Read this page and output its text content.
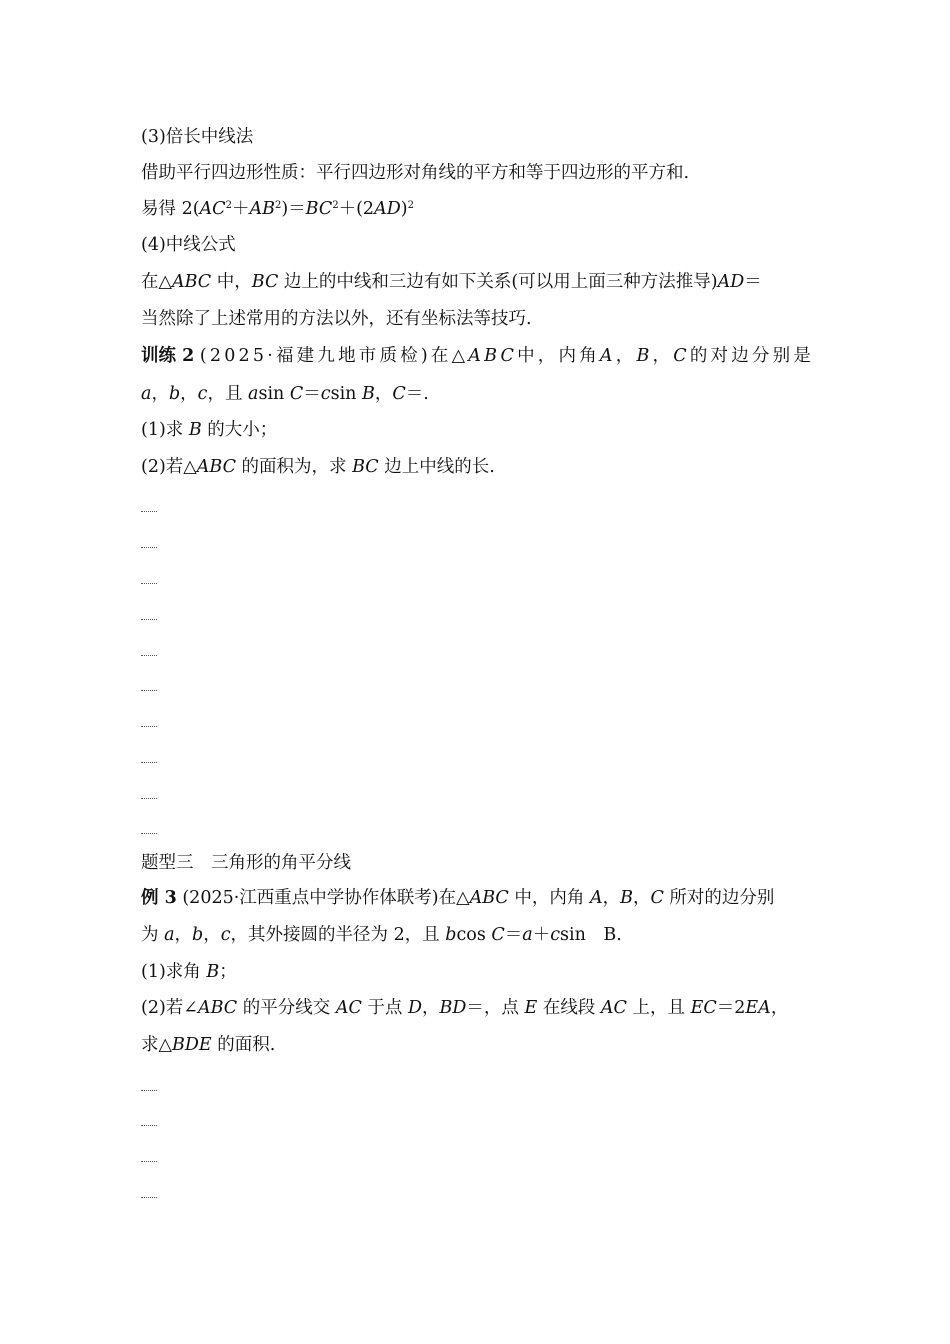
(3)倍长中线法
借助平行四边形性质：平行四边形对角线的平方和等于四边形的平方和.
易得 $2(AC^2+AB^2)=BC^2+(2AD)^2$
(4)中线公式
在△ABC 中，BC 边上的中线和三边有如下关系(可以用上面三种方法推导)AD＝
当然除了上述常用的方法以外，还有坐标法等技巧.
训练 2 (2025·福建九地市质检)在△ABC中，内角A，B，C的对边分别是
a，b，c，且 asin C＝csin B，C＝.
(1)求 B 的大小；
(2)若△ABC 的面积为，求 BC 边上中线的长.
题型三　三角形的角平分线
例 3 (2025·江西重点中学协作体联考)在△ABC 中，内角 A，B，C 所对的边分别
为 a，b，c，其外接圆的半径为 2，且 bcos C＝a＋csin　B.
(1)求角 B；
(2)若∠ABC 的平分线交 AC 于点 D，BD＝，点 E 在线段 AC 上，且 EC＝2EA，
求△BDE 的面积.
